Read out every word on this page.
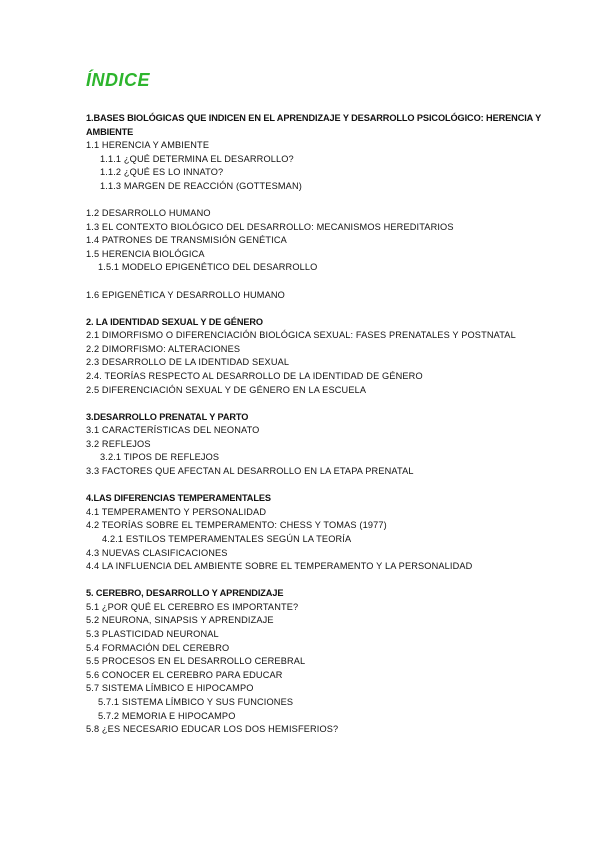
ÍNDICE
1.BASES BIOLÓGICAS QUE INDICEN EN EL APRENDIZAJE Y DESARROLLO PSICOLÓGICO: HERENCIA Y AMBIENTE
1.1 HERENCIA Y AMBIENTE
1.1.1 ¿QUÉ DETERMINA EL DESARROLLO?
1.1.2 ¿QUÉ ES LO INNATO?
1.1.3 MARGEN DE REACCIÓN (GOTTESMAN)
1.2 DESARROLLO HUMANO
1.3 EL CONTEXTO BIOLÓGICO DEL DESARROLLO: MECANISMOS HEREDITARIOS
1.4 PATRONES DE TRANSMISIÓN GENÉTICA
1.5 HERENCIA BIOLÓGICA
1.5.1 MODELO EPIGENÉTICO DEL DESARROLLO
1.6 EPIGENÉTICA Y DESARROLLO HUMANO
2. LA IDENTIDAD SEXUAL Y DE GÉNERO
2.1 DIMORFISMO O DIFERENCIACIÓN BIOLÓGICA SEXUAL: FASES PRENATALES Y POSTNATAL
2.2 DIMORFISMO: ALTERACIONES
2.3 DESARROLLO DE LA IDENTIDAD SEXUAL
2.4. TEORÍAS RESPECTO AL DESARROLLO DE LA IDENTIDAD DE GÉNERO
2.5 DIFERENCIACIÓN SEXUAL Y DE GÉNERO EN LA ESCUELA
3.DESARROLLO PRENATAL Y PARTO
3.1 CARACTERÍSTICAS DEL NEONATO
3.2 REFLEJOS
3.2.1 TIPOS DE REFLEJOS
3.3 FACTORES QUE AFECTAN AL DESARROLLO EN LA ETAPA PRENATAL
4.LAS DIFERENCIAS TEMPERAMENTALES
4.1 TEMPERAMENTO Y PERSONALIDAD
4.2 TEORÍAS SOBRE EL TEMPERAMENTO: CHESS Y TOMAS (1977)
4.2.1 ESTILOS TEMPERAMENTALES SEGÚN LA TEORÍA
4.3 NUEVAS CLASIFICACIONES
4.4 LA INFLUENCIA DEL AMBIENTE SOBRE EL TEMPERAMENTO Y LA PERSONALIDAD
5. CEREBRO, DESARROLLO Y APRENDIZAJE
5.1 ¿POR QUÉ EL CEREBRO ES IMPORTANTE?
5.2 NEURONA, SINAPSIS Y APRENDIZAJE
5.3 PLASTICIDAD NEURONAL
5.4 FORMACIÓN DEL CEREBRO
5.5 PROCESOS EN EL DESARROLLO CEREBRAL
5.6 CONOCER EL CEREBRO PARA EDUCAR
5.7 SISTEMA LÍMBICO E HIPOCAMPO
5.7.1 SISTEMA LÍMBICO Y SUS FUNCIONES
5.7.2 MEMORIA E HIPOCAMPO
5.8 ¿ES NECESARIO EDUCAR LOS DOS HEMISFERIOS?
